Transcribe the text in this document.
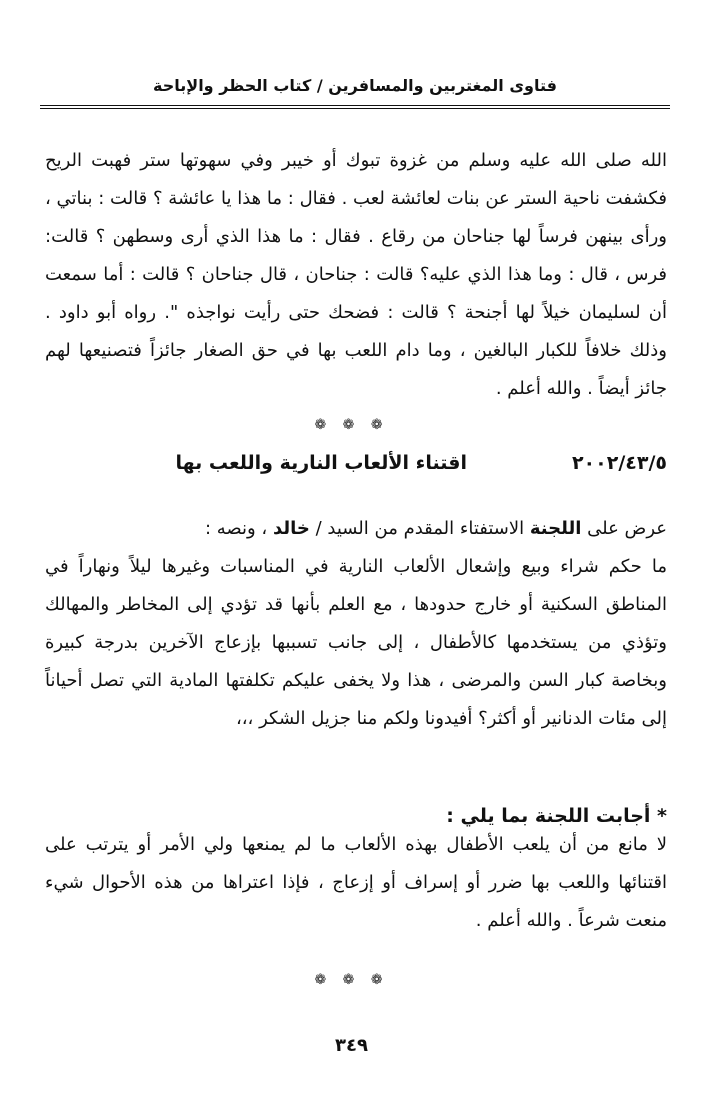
فتاوى المغتربين والمسافرين / كتاب الحظر والإباحة

الله صلى الله عليه وسلم من غزوة تبوك أو خيبر وفي سهوتها ستر فهبت الريح فكشفت ناحية الستر عن بنات لعائشة لعب . فقال : ما هذا يا عائشة ؟ قالت : بناتي ، ورأى بينهن فرساً لها جناحان من رقاع . فقال : ما هذا الذي أرى وسطهن ؟ قالت: فرس ، قال : وما هذا الذي عليه؟ قالت : جناحان ، قال جناحان ؟ قالت : أما سمعت أن لسليمان خيلاً لها أجنحة ؟ قالت : فضحك حتى رأيت نواجذه ". رواه أبو داود . وذلك خلافاً للكبار البالغين ، وما دام اللعب بها في حق الصغار جائزاً فتصنيعها لهم جائز أيضاً . والله أعلم .

❁ ❁ ❁
٢٠٠٢/٤٣/٥
اقتناء الألعاب النارية واللعب بها

عرض على اللجنة الاستفتاء المقدم من السيد / خالد ، ونصه :

ما حكم شراء وبيع وإشعال الألعاب النارية في المناسبات وغيرها ليلاً ونهاراً في المناطق السكنية أو خارج حدودها ، مع العلم بأنها قد تؤدي إلى المخاطر والمهالك وتؤذي من يستخدمها كالأطفال ، إلى جانب تسببها بإزعاج الآخرين بدرجة كبيرة وبخاصة كبار السن والمرضى ، هذا ولا يخفى عليكم تكلفتها المادية التي تصل أحياناً إلى مئات الدنانير أو أكثر؟ أفيدونا ولكم منا جزيل الشكر ،،،

* أجابت اللجنة بما يلي :

لا مانع من أن يلعب الأطفال بهذه الألعاب ما لم يمنعها ولي الأمر أو يترتب على اقتنائها واللعب بها ضرر أو إسراف أو إزعاج ، فإذا اعتراها من هذه الأحوال شيء منعت شرعاً . والله أعلم .

❁ ❁ ❁
٣٤٩
